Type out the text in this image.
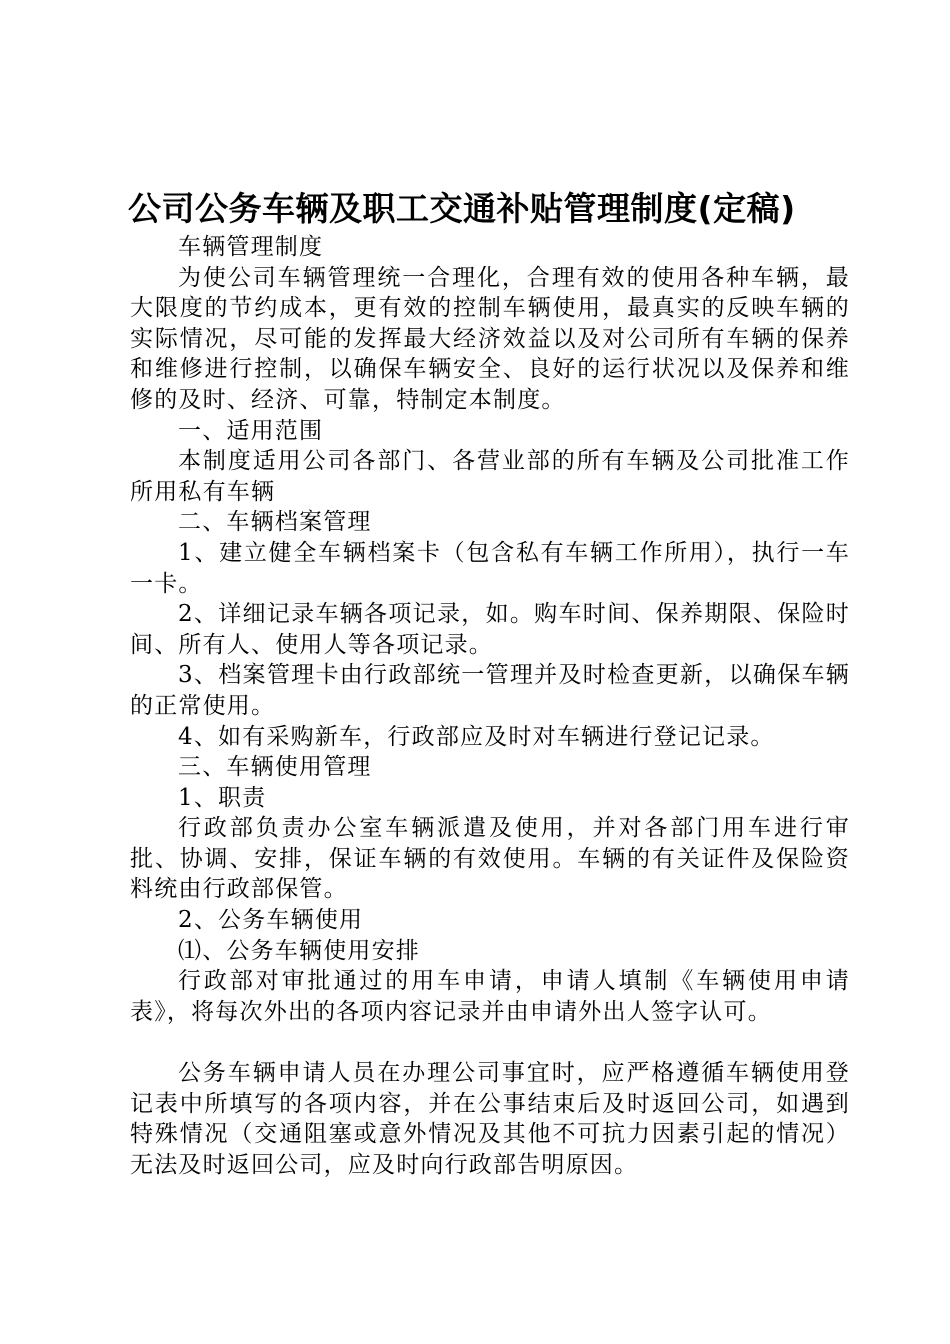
公司公务车辆及职工交通补贴管理制度(定稿)

车辆管理制度

为使公司车辆管理统一合理化，合理有效的使用各种车辆，最大限度的节约成本，更有效的控制车辆使用，最真实的反映车辆的实际情况，尽可能的发挥最大经济效益以及对公司所有车辆的保养和维修进行控制，以确保车辆安全、良好的运行状况以及保养和维修的及时、经济、可靠，特制定本制度。

一、适用范围

本制度适用公司各部门、各营业部的所有车辆及公司批准工作所用私有车辆

二、车辆档案管理

1、建立健全车辆档案卡（包含私有车辆工作所用），执行一车一卡。

2、详细记录车辆各项记录，如。购车时间、保养期限、保险时间、所有人、使用人等各项记录。

3、档案管理卡由行政部统一管理并及时检查更新，以确保车辆的正常使用。

4、如有采购新车，行政部应及时对车辆进行登记记录。

三、车辆使用管理

1、职责

行政部负责办公室车辆派遣及使用，并对各部门用车进行审批、协调、安排，保证车辆的有效使用。车辆的有关证件及保险资料统由行政部保管。

2、公务车辆使用

⑴、公务车辆使用安排

行政部对审批通过的用车申请，申请人填制《车辆使用申请表》，将每次外出的各项内容记录并由申请外出人签字认可。

公务车辆申请人员在办理公司事宜时，应严格遵循车辆使用登记表中所填写的各项内容，并在公事结束后及时返回公司，如遇到特殊情况（交通阻塞或意外情况及其他不可抗力因素引起的情况）无法及时返回公司，应及时向行政部告明原因。
